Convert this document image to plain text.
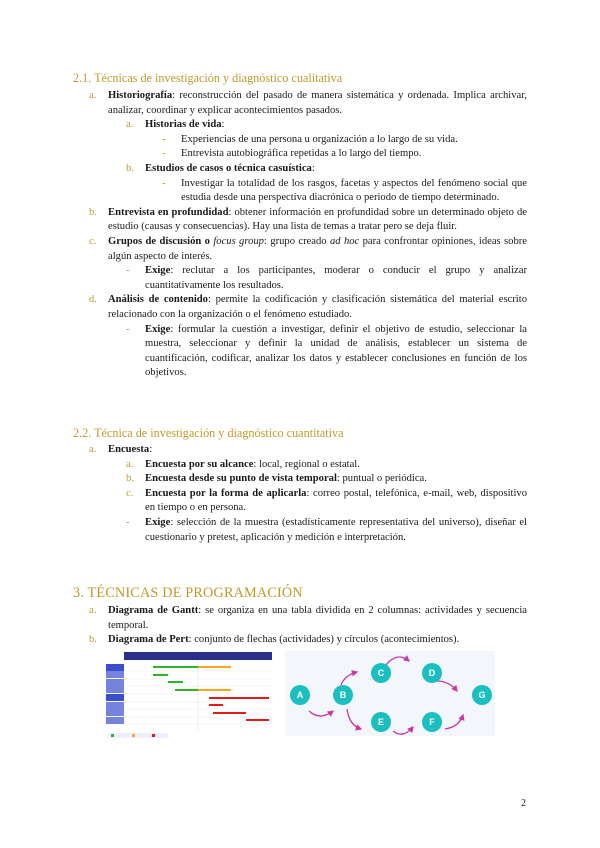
2.1. Técnicas de investigación y diagnóstico cualitativa
a. Historiografía: reconstrucción del pasado de manera sistemática y ordenada. Implica archivar, analizar, coordinar y explicar acontecimientos pasados.
a. Historias de vida:
- Experiencias de una persona u organización a lo largo de su vida.
- Entrevista autobiográfica repetidas a lo largo del tiempo.
b. Estudios de casos o técnica casuística:
- Investigar la totalidad de los rasgos, facetas y aspectos del fenómeno social que estudia desde una perspectiva diacrónica o periodo de tiempo determinado.
b. Entrevista en profundidad: obtener información en profundidad sobre un determinado objeto de estudio (causas y consecuencias). Hay una lista de temas a tratar pero se deja fluir.
c. Grupos de discusión o focus group: grupo creado ad hoc para confrontar opiniones, ideas sobre algún aspecto de interés.
- Exige: reclutar a los participantes, moderar o conducir el grupo y analizar cuantitativamente los resultados.
d. Análisis de contenido: permite la codificación y clasificación sistemática del material escrito relacionado con la organización o el fenómeno estudiado.
- Exige: formular la cuestión a investigar, definir el objetivo de estudio, seleccionar la muestra, seleccionar y definir la unidad de análisis, establecer un sistema de cuantificación, codificar, analizar los datos y establecer conclusiones en función de los objetivos.
2.2. Técnica de investigación y diagnóstico cuantitativa
a. Encuesta:
a. Encuesta por su alcance: local, regional o estatal.
b. Encuesta desde su punto de vista temporal: puntual o periódica.
c. Encuesta por la forma de aplicarla: correo postal, telefónica, e-mail, web, dispositivo en tiempo o en persona.
- Exige: selección de la muestra (estadísticamente representativa del universo), diseñar el cuestionario y pretest, aplicación y medición e interpretación.
3. TÉCNICAS DE PROGRAMACIÓN
a. Diagrama de Gantt: se organiza en una tabla dividida en 2 columnas: actividades y secuencia temporal.
b. Diagrama de Pert: conjunto de flechas (actividades) y círculos (acontecimientos).
A	B
C	D
E	F
G
2
